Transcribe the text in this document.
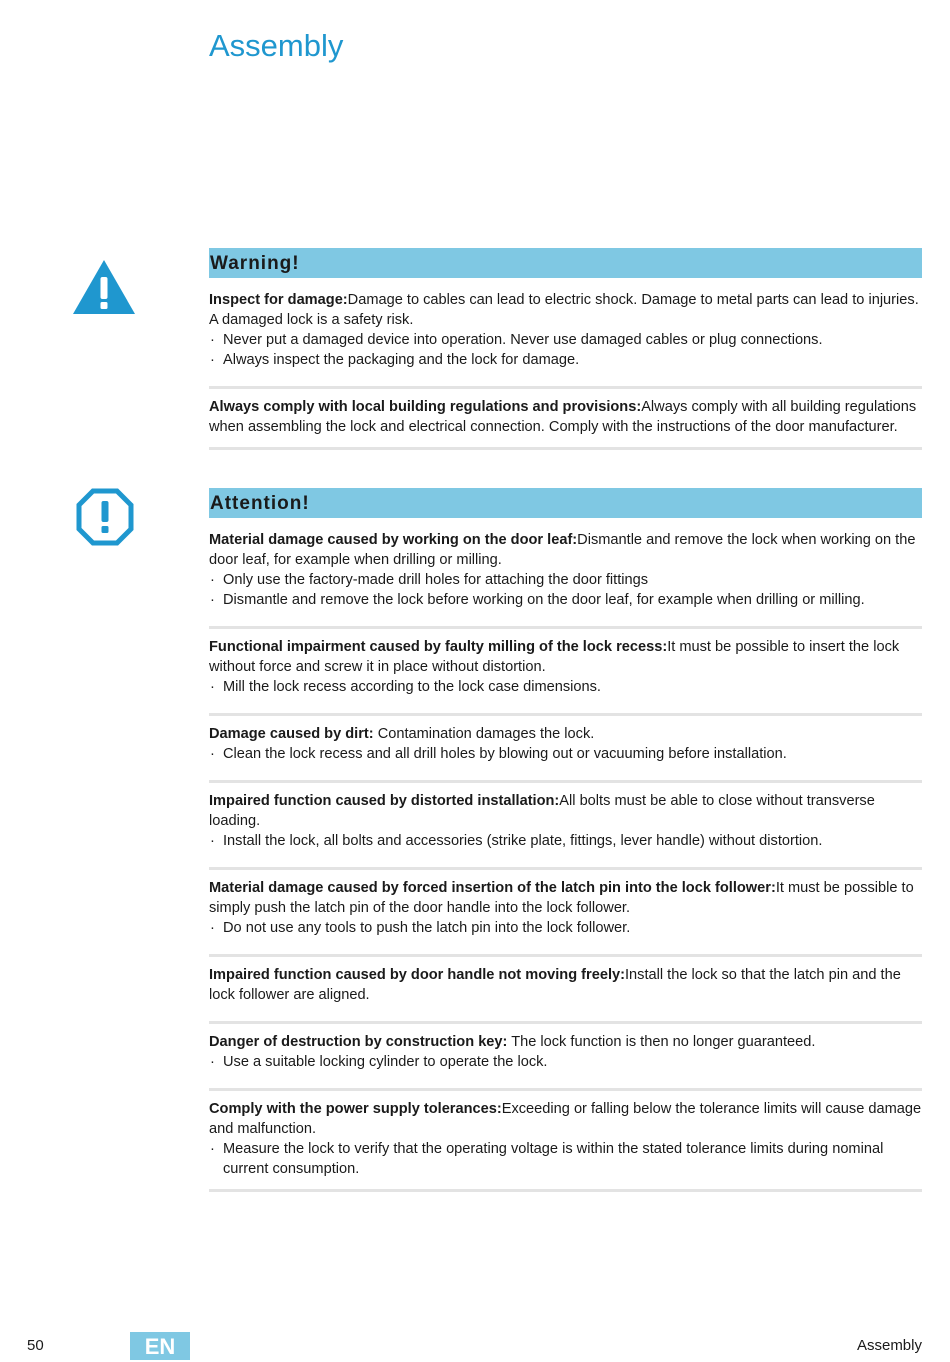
Assembly
Warning!
Inspect for damage:Damage to cables can lead to electric shock. Damage to metal parts can lead to injuries. A damaged lock is a safety risk.
· Never put a damaged device into operation. Never use damaged cables or plug connections.
· Always inspect the packaging and the lock for damage.
Always comply with local building regulations and provisions:Always comply with all building regulations when assembling the lock and electrical connection. Comply with the instructions of the door manufacturer.
Attention!
Material damage caused by working on the door leaf:Dismantle and remove the lock when working on the door leaf, for example when drilling or milling.
· Only use the factory-made drill holes for attaching the door fittings
· Dismantle and remove the lock before working on the door leaf, for example when drilling or milling.
Functional impairment caused by faulty milling of the lock recess:It must be possible to insert the lock without force and screw it in place without distortion.
· Mill the lock recess according to the lock case dimensions.
Damage caused by dirt: Contamination damages the lock.
· Clean the lock recess and all drill holes by blowing out or vacuuming before installation.
Impaired function caused by distorted installation:All bolts must be able to close without transverse loading.
· Install the lock, all bolts and accessories (strike plate, fittings, lever handle) without distortion.
Material damage caused by forced insertion of the latch pin into the lock follower:It must be possible to simply push the latch pin of the door handle into the lock follower.
· Do not use any tools to push the latch pin into the lock follower.
Impaired function caused by door handle not moving freely:Install the lock so that the latch pin and the lock follower are aligned.
Danger of destruction by construction key: The lock function is then no longer guaranteed.
· Use a suitable locking cylinder to operate the lock.
Comply with the power supply tolerances:Exceeding or falling below the tolerance limits will cause damage and malfunction.
· Measure the lock to verify that the operating voltage is within the stated tolerance limits during nominal current consumption.
50	EN	Assembly
